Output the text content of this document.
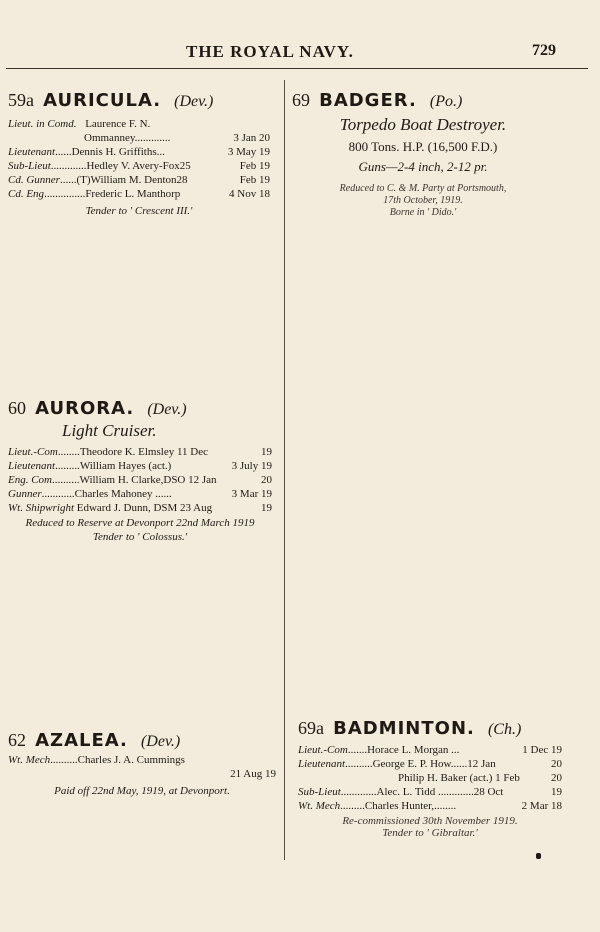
THE ROYAL NAVY.	729
59a AURICULA. (Dev.)
Lieut. in Comd. Laurence F. N.
Ommanney.............	3 Jan 20
Lieutenant......Dennis H. Griffiths...	3 May 19
Sub-Lieut.............Hedley V. Avery-Fox25	Feb 19
Cd. Gunner......(T)William M. Denton28	Feb 19
Cd. Eng...............Frederic L. Manthorp	4 Nov 18
Tender to ' Crescent III.'
60 AURORA. (Dev.)
Light Cruiser.
Lieut.-Com........Theodore K. Elmsley 11 Dec	19
Lieutenant.........William Hayes (act.)	3 July 19
Eng. Com..........William H. Clarke,DSO 12 Jan	20
Gunner............Charles Mahoney ......	3 Mar 19
Wt. Shipwright Edward J. Dunn, DSM 23 Aug	19
Reduced to Reserve at Devonport 22nd March 1919
Tender to ' Colossus.'
62 AZALEA. (Dev.)
Wt. Mech..........Charles J. A. Cummings
21 Aug 19
Paid off 22nd May, 1919, at Devonport.
69 BADGER. (Po.)
Torpedo Boat Destroyer.
800 Tons. H.P. (16,500 F.D.)
Guns—2-4 inch, 2-12 pr.
Reduced to C. & M. Party at Portsmouth,
17th October, 1919.
Borne in ' Dido.'
69a BADMINTON. (Ch.)
Lieut.-Com.......Horace L. Morgan ...	1 Dec 19
Lieutenant..........George E. P. How......12 Jan	20
Philip H. Baker (act.) 1 Feb	20
Sub-Lieut.............Alec. L. Tidd .............28 Oct	19
Wt. Mech.........Charles Hunter,........	2 Mar 18
Re-commissioned 30th November 1919.
Tender to ' Gibraltar.'
